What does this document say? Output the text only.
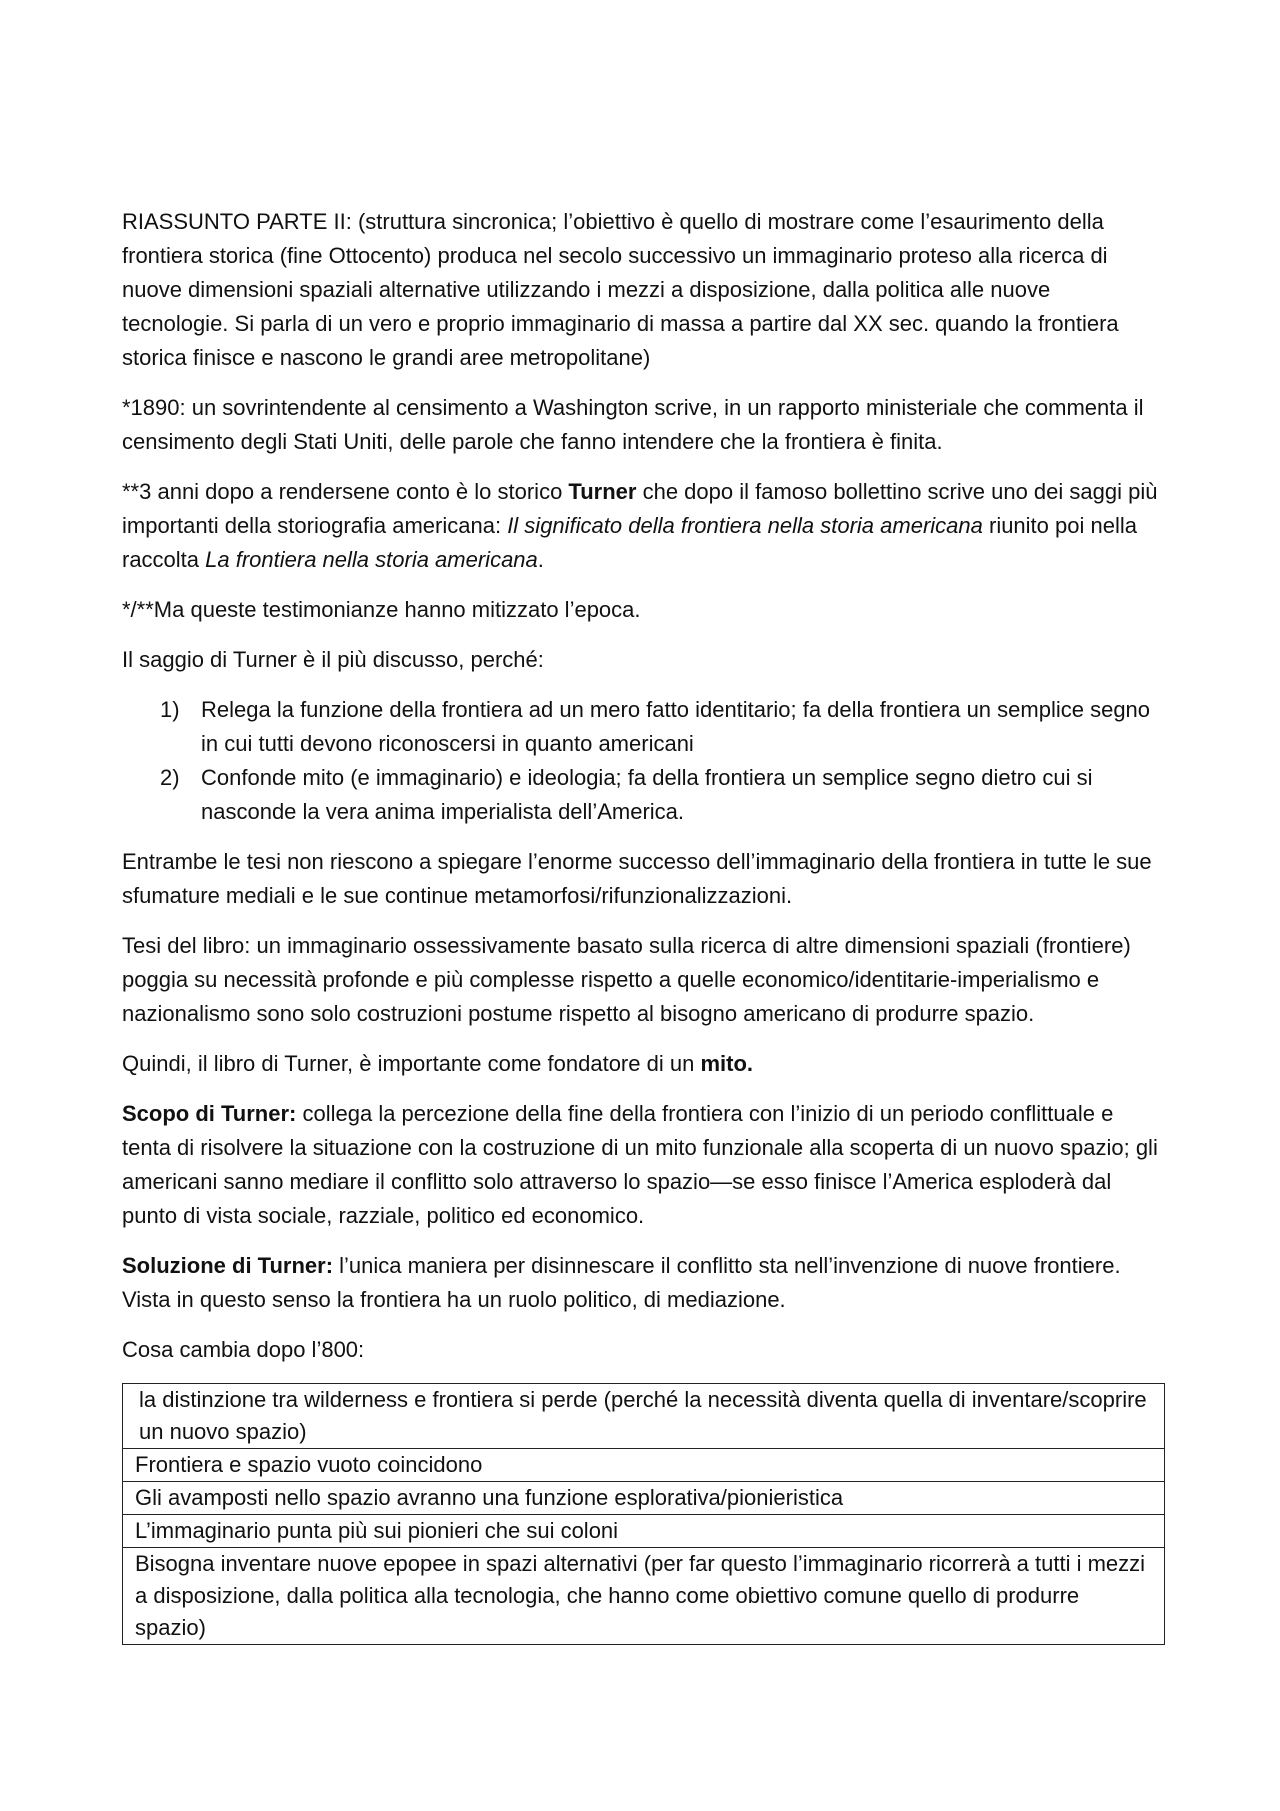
RIASSUNTO PARTE II: (struttura sincronica; l’obiettivo è quello di mostrare come l’esaurimento della frontiera storica (fine Ottocento) produca nel secolo successivo un immaginario proteso alla ricerca di nuove dimensioni spaziali alternative utilizzando i mezzi a disposizione, dalla politica alle nuove tecnologie. Si parla di un vero e proprio immaginario di massa a partire dal XX sec. quando la frontiera storica finisce e nascono le grandi aree metropolitane)

*1890: un sovrintendente al censimento a Washington scrive, in un rapporto ministeriale che commenta il censimento degli Stati Uniti, delle parole che fanno intendere che la frontiera è finita.

**3 anni dopo a rendersene conto è lo storico Turner che dopo il famoso bollettino scrive uno dei saggi più importanti della storiografia americana: Il significato della frontiera nella storia americana riunito poi nella raccolta La frontiera nella storia americana.

*/**Ma queste testimonianze hanno mitizzato l’epoca.

Il saggio di Turner è il più discusso, perché:

1) Relega la funzione della frontiera ad un mero fatto identitario; fa della frontiera un semplice segno in cui tutti devono riconoscersi in quanto americani
2) Confonde mito (e immaginario) e ideologia; fa della frontiera un semplice segno dietro cui si nasconde la vera anima imperialista dell’America.

Entrambe le tesi non riescono a spiegare l’enorme successo dell’immaginario della frontiera in tutte le sue sfumature mediali e le sue continue metamorfosi/rifunzionalizzazioni.

Tesi del libro: un immaginario ossessivamente basato sulla ricerca di altre dimensioni spaziali (frontiere) poggia su necessità profonde e più complesse rispetto a quelle economico/identitarie-imperialismo e nazionalismo sono solo costruzioni postume rispetto al bisogno americano di produrre spazio.

Quindi, il libro di Turner, è importante come fondatore di un mito.

Scopo di Turner: collega la percezione della fine della frontiera con l’inizio di un periodo conflittuale e tenta di risolvere la situazione con la costruzione di un mito funzionale alla scoperta di un nuovo spazio; gli americani sanno mediare il conflitto solo attraverso lo spazio—se esso finisce l’America esploderà dal punto di vista sociale, razziale, politico ed economico.

Soluzione di Turner: l’unica maniera per disinnescare il conflitto sta nell’invenzione di nuove frontiere. Vista in questo senso la frontiera ha un ruolo politico, di mediazione.

Cosa cambia dopo l’800:

la distinzione tra wilderness e frontiera si perde (perché la necessità diventa quella di inventare/scoprire un nuovo spazio)
Frontiera e spazio vuoto coincidono
Gli avamposti nello spazio avranno una funzione esplorativa/pionieristica
L’immaginario punta più sui pionieri che sui coloni
Bisogna inventare nuove epopee in spazi alternativi (per far questo l’immaginario ricorrerà a tutti i mezzi a disposizione, dalla politica alla tecnologia, che hanno come obiettivo comune quello di produrre spazio)
